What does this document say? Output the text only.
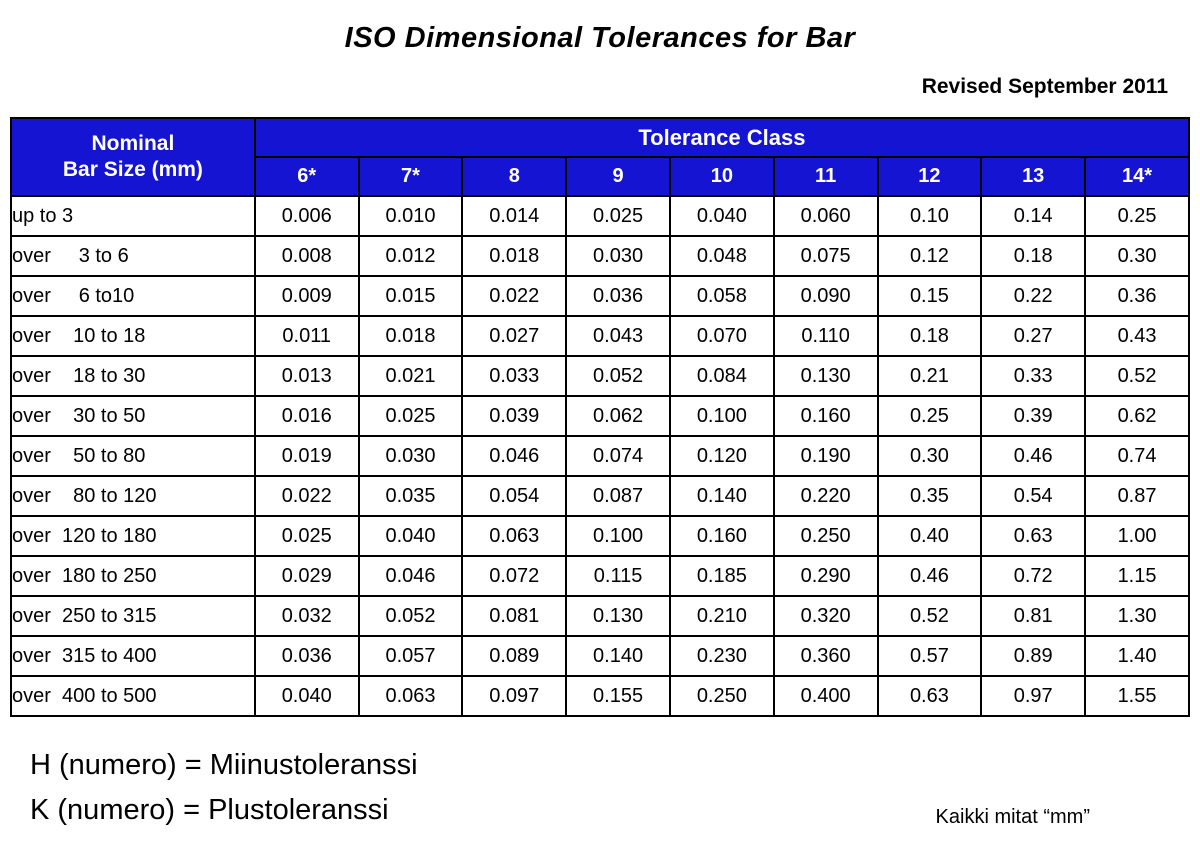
ISO Dimensional Tolerances for Bar
Revised September 2011
Nominal
Bar Size (mm)	Tolerance Class								
	6*	7*	8	9	10	11	12	13	14*
up to 3	0.006	0.010	0.014	0.025	0.040	0.060	0.10	0.14	0.25
over     3 to 6	0.008	0.012	0.018	0.030	0.048	0.075	0.12	0.18	0.30
over     6 to10	0.009	0.015	0.022	0.036	0.058	0.090	0.15	0.22	0.36
over    10 to 18	0.011	0.018	0.027	0.043	0.070	0.110	0.18	0.27	0.43
over    18 to 30	0.013	0.021	0.033	0.052	0.084	0.130	0.21	0.33	0.52
over    30 to 50	0.016	0.025	0.039	0.062	0.100	0.160	0.25	0.39	0.62
over    50 to 80	0.019	0.030	0.046	0.074	0.120	0.190	0.30	0.46	0.74
over    80 to 120	0.022	0.035	0.054	0.087	0.140	0.220	0.35	0.54	0.87
over  120 to 180	0.025	0.040	0.063	0.100	0.160	0.250	0.40	0.63	1.00
over  180 to 250	0.029	0.046	0.072	0.115	0.185	0.290	0.46	0.72	1.15
over  250 to 315	0.032	0.052	0.081	0.130	0.210	0.320	0.52	0.81	1.30
over  315 to 400	0.036	0.057	0.089	0.140	0.230	0.360	0.57	0.89	1.40
over  400 to 500	0.040	0.063	0.097	0.155	0.250	0.400	0.63	0.97	1.55
H (numero) = Miinustoleranssi
K (numero) = Plustoleranssi	Kaikki mitat “mm”
